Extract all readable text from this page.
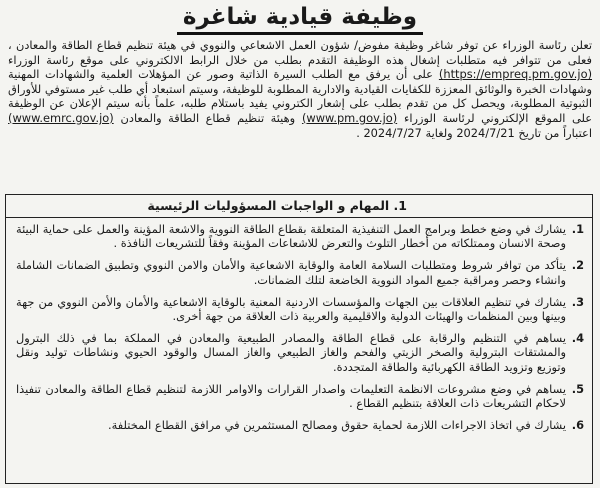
وظيفة قيادية شاغرة
تعلن رئاسة الوزراء عن توفر شاغر وظيفة مفوض/ شؤون العمل الاشعاعي والنووي في هيئة تنظيم قطاع الطاقة والمعادن ، فعلى من تتوافر فيه متطلبات إشغال هذه الوظيفة التقدم بطلب من خلال الرابط الالكتروني على موقع رئاسة الوزراء (https://empreq.pm.gov.jo) على أن يرفق مع الطلب السيرة الذاتية وصور عن المؤهلات العلمية والشهادات المهنية وشهادات الخبرة والوثائق المعززة للكفايات القيادية والادارية المطلوبة للوظيفة، وسيتم استبعاد أي طلب غير مستوفي للأوراق الثبوتية المطلوبة، ويحصل كل من تقدم بطلب على إشعار الكتروني يفيد باستلام طلبه، علماً بأنه سيتم الإعلان عن الوظيفة على الموقع الإلكتروني لرئاسة الوزراء (www.pm.gov.jo) وهيئة تنظيم قطاع الطاقة والمعادن (www.emrc.gov.jo) اعتباراً من تاريخ 2024/7/21 ولغاية 2024/7/27 .
1. المهام و الواجبات المسؤوليات الرئيسية
1.
يشارك في وضع خطط وبرامج العمل التنفيذية المتعلقة بقطاع الطاقة النووية والاشعة المؤينة والعمل على حماية البيئة وصحة الانسان وممتلكاته من أخطار التلوث والتعرض للاشعاعات المؤينة وفقاً للتشريعات النافذة .
2.
يتأكد من توافر شروط ومتطلبات السلامة العامة والوقاية الاشعاعية والأمان والامن النووي وتطبيق الضمانات الشاملة وانشاء وحصر ومراقبة جميع المواد النووية الخاضعة لتلك الضمانات.
3.
يشارك في تنظيم العلاقات بين الجهات والمؤسسات الاردنية المعنية بالوقاية الاشعاعية والأمان والأمن النووي من جهة وبينها وبين المنظمات والهيئات الدولية والاقليمية والعربية ذات العلاقة من جهة أخرى.
4.
يساهم في التنظيم والرقابة على قطاع الطاقة والمصادر الطبيعية والمعادن في المملكة بما في ذلك البترول والمشتقات البترولية والصخر الزيتي والفحم والغاز الطبيعي والغاز المسال والوقود الحيوي ونشاطات توليد ونقل وتوزيع وتزويد الطاقة الكهربائية والطاقة المتجددة.
5.
يساهم في وضع مشروعات الانظمة التعليمات واصدار القرارات والاوامر اللازمة لتنظيم قطاع الطاقة والمعادن تنفيذا لاحكام التشريعات ذات العلاقة بتنظيم القطاع .
6.
يشارك في اتخاذ الاجراءات اللازمة لحماية حقوق ومصالح المستثمرين في مرافق القطاع المختلفة.
